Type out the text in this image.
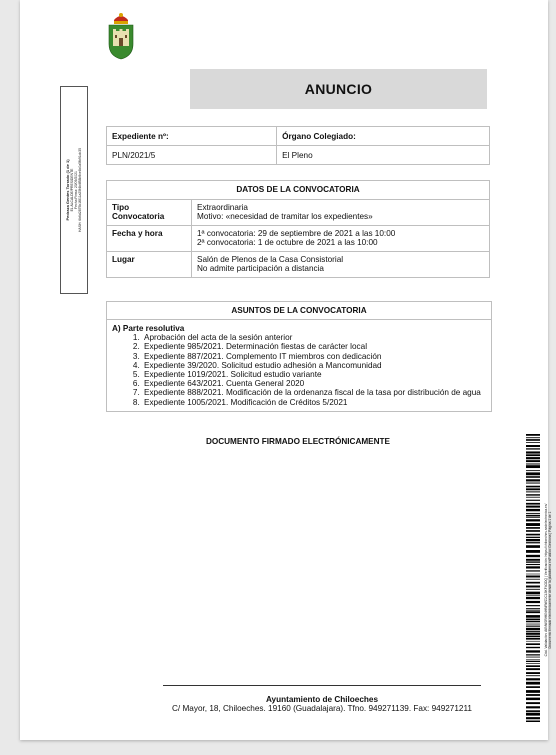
ANUNCIO
Pedraza Gentes Torrado (1 de 1) EL ALCALDE/PRESIDENTE Fecha Firma: 23/09/2021 HASH: 6b6d2875b1f811a25f4b4f58b9ce8c0a5fb91dc35
Expediente nº:	Órgano Colegiado:
PLN/2021/5	El Pleno
DATOS DE LA CONVOCATORIA	
Tipo
Convocatoria	Extraordinaria
Motivo: «necesidad de tramitar los expedientes»
Fecha y hora	1ª convocatoria: 29 de septiembre de 2021 a las 10:00
2ª convocatoria: 1 de octubre de 2021 a las 10:00
Lugar	Salón de Plenos de la Casa Consistorial
No admite participación a distancia
ASUNTOS DE LA CONVOCATORIA
A) Parte resolutiva
1. Aprobación del acta de la sesión anterior
2. Expediente 985/2021. Determinación fiestas de carácter local
3. Expediente 887/2021. Complemento IT miembros con dedicación
4. Expediente 39/2020. Solicitud estudio adhesión a Mancomunidad
5. Expediente 1019/2021. Solicitud estudio variante
6. Expediente 643/2021. Cuenta General 2020
7. Expediente 888/2021. Modificación de la ordenanza fiscal de la tasa por distribución de agua
8. Expediente 1005/2021. Modificación de Créditos 5/2021
DOCUMENTO FIRMADO ELECTRÓNICAMENTE
Cód. Validación: A6NWJRHKNHNRWZJCL5KF4GDQ | Verificación: https://chiloeches.sedelectronica.es/
Documento firmado electrónicamente desde la plataforma esPublico Gestiona | Página 1 de 1
Ayuntamiento de Chiloeches
C/ Mayor, 18, Chiloeches. 19160 (Guadalajara). Tfno. 949271139. Fax: 949271211
